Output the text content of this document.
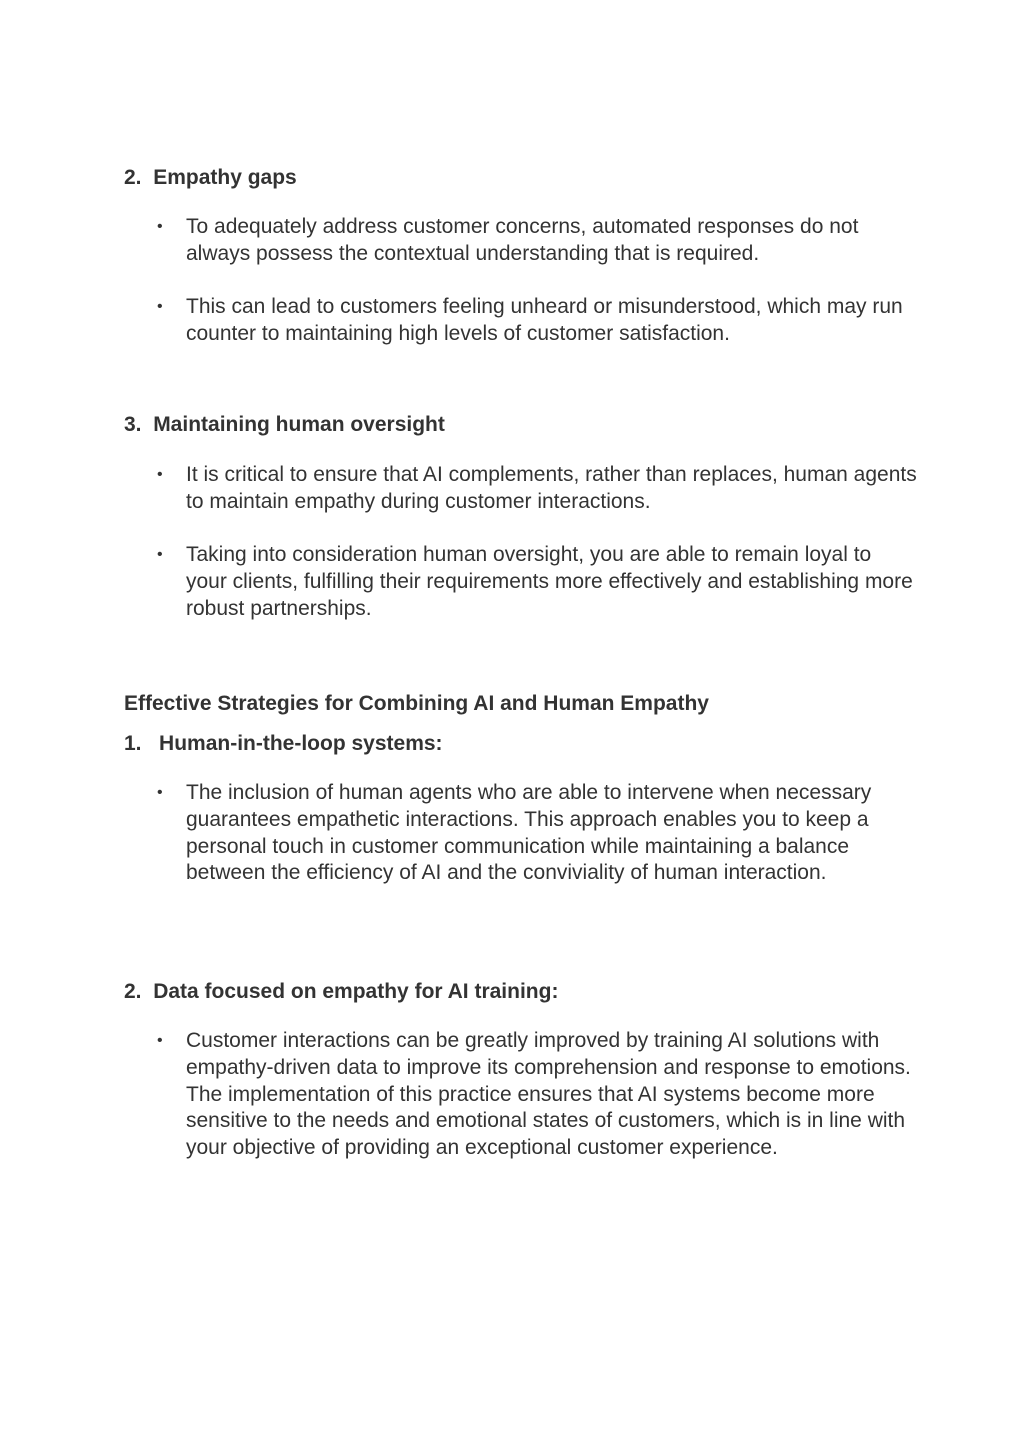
2. Empathy gaps
• To adequately address customer concerns, automated responses do not always possess the contextual understanding that is required.
• This can lead to customers feeling unheard or misunderstood, which may run counter to maintaining high levels of customer satisfaction.
3. Maintaining human oversight
• It is critical to ensure that AI complements, rather than replaces, human agents to maintain empathy during customer interactions.
• Taking into consideration human oversight, you are able to remain loyal to your clients, fulfilling their requirements more effectively and establishing more robust partnerships.
Effective Strategies for Combining AI and Human Empathy
1. Human-in-the-loop systems:
• The inclusion of human agents who are able to intervene when necessary guarantees empathetic interactions. This approach enables you to keep a personal touch in customer communication while maintaining a balance between the efficiency of AI and the conviviality of human interaction.
2. Data focused on empathy for AI training:
• Customer interactions can be greatly improved by training AI solutions with empathy-driven data to improve its comprehension and response to emotions. The implementation of this practice ensures that AI systems become more sensitive to the needs and emotional states of customers, which is in line with your objective of providing an exceptional customer experience.
